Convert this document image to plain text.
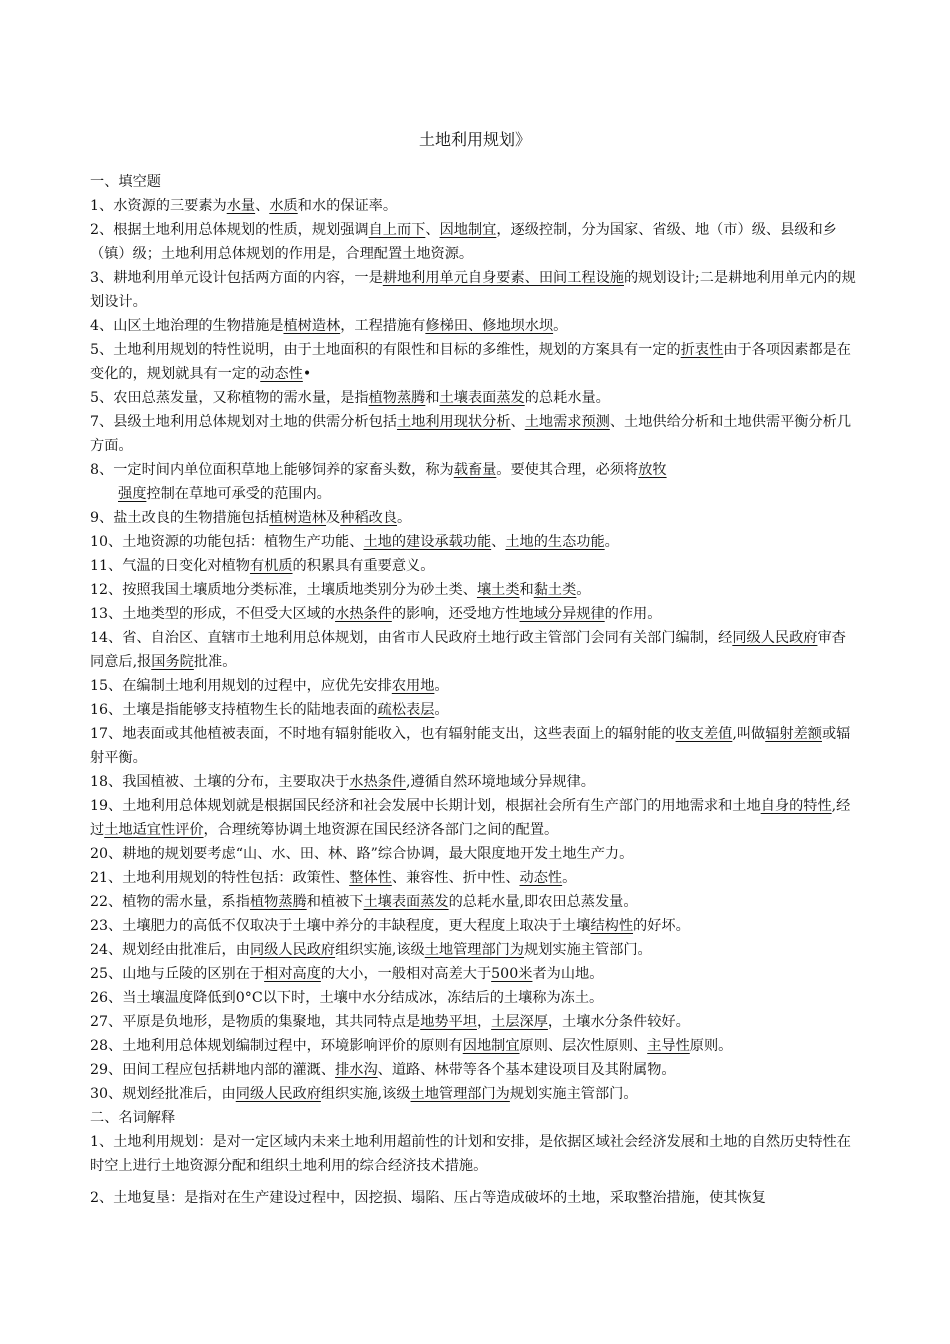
土地利用规划》

一、填空题

1、水资源的三要素为水量、水质和水的保证率。

2、根据土地利用总体规划的性质，规划强调自上而下、因地制宜，逐级控制，分为国家、省级、地（市）级、县级和乡（镇）级；土地利用总体规划的作用是，合理配置土地资源。

3、耕地利用单元设计包括两方面的内容，一是耕地利用单元自身要素、田间工程设施的规划设计;二是耕地利用单元内的规划设计。

4、山区土地治理的生物措施是植树造林，工程措施有修梯田、修地坝水坝。

5、土地利用规划的特性说明，由于土地面积的有限性和目标的多维性，规划的方案具有一定的折衷性由于各项因素都是在变化的，规划就具有一定的动态性•

5、农田总蒸发量，又称植物的需水量，是指植物蒸腾和土壤表面蒸发的总耗水量。

7、县级土地利用总体规划对土地的供需分析包括土地利用现状分析、土地需求预测、土地供给分析和土地供需平衡分析几方面。

8、一定时间内单位面积草地上能够饲养的家畜头数，称为载畜量。要使其合理，必须将放牧

强度控制在草地可承受的范围内。

9、盐土改良的生物措施包括植树造林及种稻改良。

10、土地资源的功能包括：植物生产功能、土地的建设承载功能、土地的生态功能。

11、气温的日变化对植物有机质的积累具有重要意义。

12、按照我国土壤质地分类标准，土壤质地类别分为砂土类、壤土类和黏土类。

13、土地类型的形成，不但受大区域的水热条件的影响，还受地方性地域分异规律的作用。

14、省、自治区、直辖市土地利用总体规划，由省市人民政府土地行政主管部门会同有关部门编制，经同级人民政府审杳同意后,报国务院批准。

15、在编制土地利用规划的过程中，应优先安排农用地。

16、土壤是指能够支持植物生长的陆地表面的疏松表层。

17、地表面或其他植被表面，不时地有辐射能收入，也有辐射能支出，这些表面上的辐射能的收支差值,叫做辐射差额或辐射平衡。

18、我国植被、土壤的分布，主要取决于水热条件,遵循自然环境地域分异规律。

19、土地利用总体规划就是根据国民经济和社会发展中长期计划，根据社会所有生产部门的用地需求和土地自身的特性,经过土地适宜性评价，合理统筹协调土地资源在国民经济各部门之间的配置。

20、耕地的规划要考虑“山、水、田、林、路”综合协调，最大限度地开发土地生产力。

21、土地利用规划的特性包括：政策性、整体性、兼容性、折中性、动态性。

22、植物的需水量，系指植物蒸腾和植被下土壤表面蒸发的总耗水量,即农田总蒸发量。

23、土壤肥力的高低不仅取决于土壤中养分的丰缺程度，更大程度上取决于土壤结构性的好坏。

24、规划经由批准后，由同级人民政府组织实施,该级土地管理部门为规划实施主管部门。

25、山地与丘陵的区别在于相对高度的大小，一般相对高差大于500米者为山地。

26、当土壤温度降低到0°C以下时，土壤中水分结成冰，冻结后的土壤称为冻土。

27、平原是负地形，是物质的集聚地，其共同特点是地势平坦，土层深厚，土壤水分条件较好。

28、土地利用总体规划编制过程中，环境影响评价的原则有因地制宜原则、层次性原则、主导性原则。

29、田间工程应包括耕地内部的灌溉、排水沟、道路、林带等各个基本建设项目及其附属物。

30、规划经批准后，由同级人民政府组织实施,该级土地管理部门为规划实施主管部门。

二、名词解释

1、土地利用规划：是对一定区域内未来土地利用超前性的计划和安排，是依据区域社会经济发展和土地的自然历史特性在时空上进行土地资源分配和组织土地利用的综合经济技术措施。

2、土地复垦：是指对在生产建设过程中，因挖损、塌陷、压占等造成破坏的土地，采取整治措施，使其恢复
